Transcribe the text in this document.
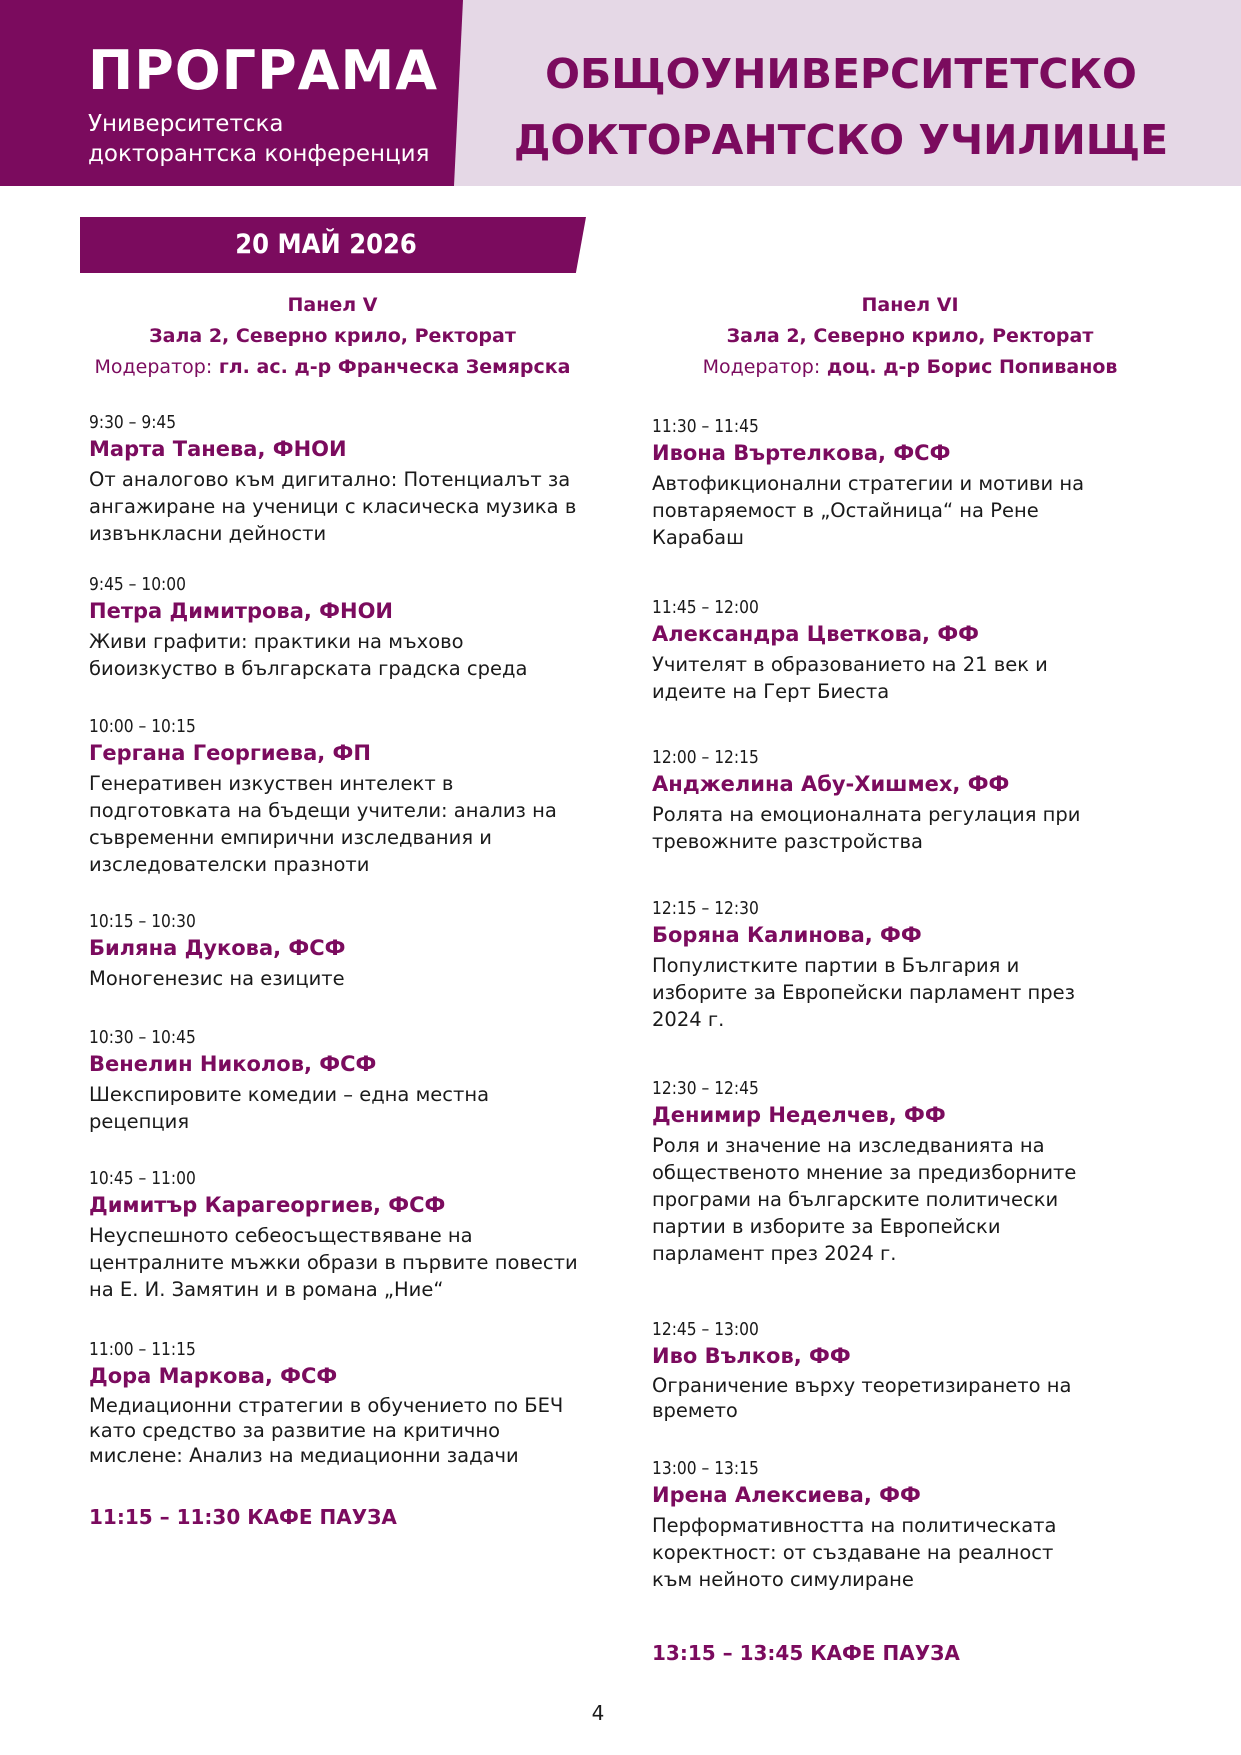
ПРОГРАМА
Университетска
докторантска конференция
ОБЩОУНИВЕРСИТЕТСКО
ДОКТОРАНТСКО УЧИЛИЩЕ
20 МАЙ 2026
Панел V
Зала 2, Северно крило, Ректорат
Модератор: гл. ас. д-р Франческа Земярска
Панел VI
Зала 2, Северно крило, Ректорат
Модератор: доц. д-р Борис Попиванов
9:30 – 9:45
Марта Танева, ФНОИ
От аналогово към дигитално: Потенциалът за
ангажиране на ученици с класическа музика в
извънкласни дейности
9:45 – 10:00
Петра Димитрова, ФНОИ
Живи графити: практики на мъхово
биоизкуство в българската градска среда
10:00 – 10:15
Гергана Георгиева, ФП
Генеративен изкуствен интелект в
подготовката на бъдещи учители: анализ на
съвременни емпирични изследвания и
изследователски празноти
10:15 – 10:30
Биляна Дукова, ФСФ
Моногенезис на езиците
10:30 – 10:45
Венелин Николов, ФСФ
Шекспировите комедии – една местна
рецепция
10:45 – 11:00
Димитър Карагеоргиев, ФСФ
Неуспешното себеосъществяване на
централните мъжки образи в първите повести
на Е. И. Замятин и в романа „Ние“
11:00 – 11:15
Дора Маркова, ФСФ
Медиационни стратегии в обучението по БЕЧ
като средство за развитие на критично
мислене: Анализ на медиационни задачи
11:15 – 11:30 КАФЕ ПАУЗА
11:30 – 11:45
Ивона Въртелкова, ФСФ
Автофикционални стратегии и мотиви на
повтаряемост в „Остайница“ на Рене
Карабаш
11:45 – 12:00
Александра Цветкова, ФФ
Учителят в образованието на 21 век и
идеите на Герт Биеста
12:00 – 12:15
Анджелина Абу-Хишмех, ФФ
Ролята на емоционалната регулация при
тревожните разстройства
12:15 – 12:30
Боряна Калинова, ФФ
Популистките партии в България и
изборите за Европейски парламент през
2024 г.
12:30 – 12:45
Денимир Неделчев, ФФ
Роля и значение на изследванията на
общественото мнение за предизборните
програми на българските политически
партии в изборите за Европейски
парламент през 2024 г.
12:45 – 13:00
Иво Вълков, ФФ
Ограничение върху теоретизирането на
времето
13:00 – 13:15
Ирена Алексиева, ФФ
Перформативността на политическата
коректност: от създаване на реалност
към нейното симулиране
13:15 – 13:45 КАФЕ ПАУЗА
4
